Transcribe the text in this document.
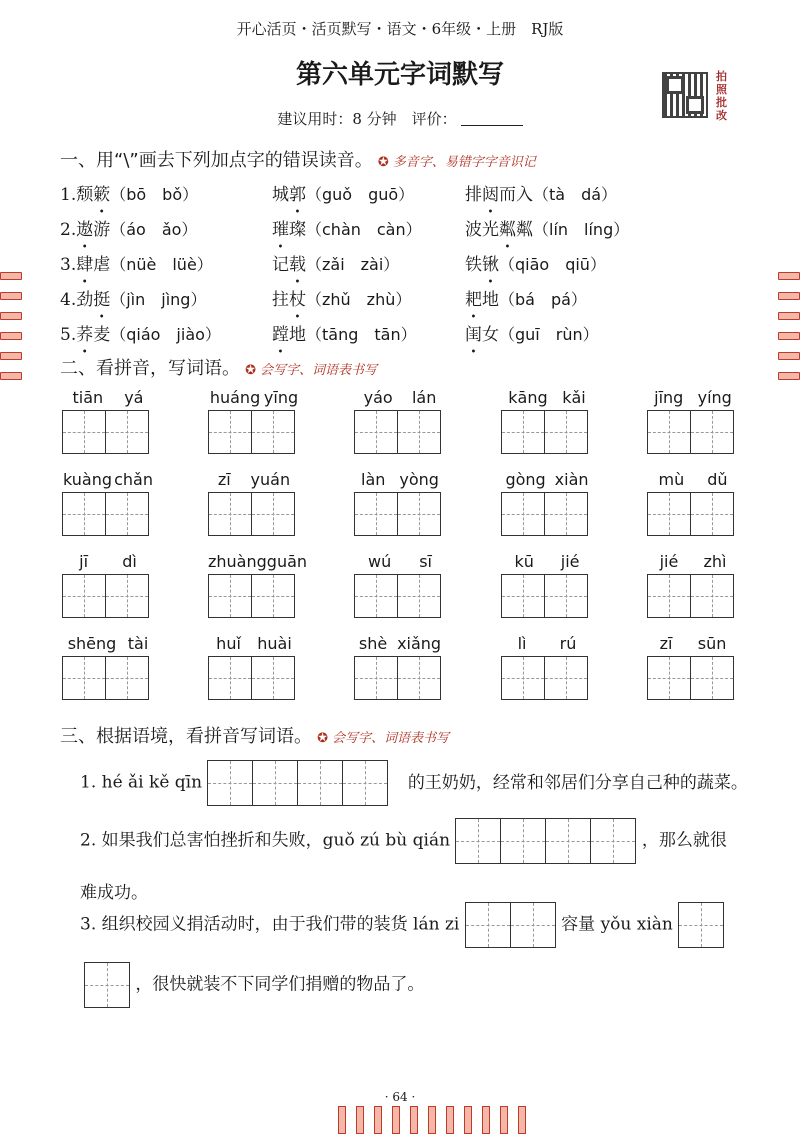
开心活页・活页默写・语文・6年级・上册　RJ版
第六单元字词默写
建议用时：8 分钟　评价：
拍照批改
一、用“\”画去下列加点字的错误读音。 ✪ 多音字、易错字字音识记
1.颓簌（bō　bǒ）	城郭（guǒ　guō）	排闼而入（tà　dá）
2.遨游（áo　ǎo）	璀璨（chàn　càn）	波光粼粼（lín　líng）
3.肆虐（nüè　lüè）	记载（zǎi　zài）	铁锹（qiāo　qiū）
4.劲挺（jìn　jìng）	拄杖（zhǔ　zhù）	耙地（bá　pá）
5.荞麦（qiáo　jiào）	蹚地（tāng　tān）	闺女（guī　rùn）
二、看拼音，写词语。 ✪ 会写字、词语表书写
tiān yá	huáng yīng	yáo lán	kāng kǎi	jīng yíng
kuàng chǎn	zī yuán	làn yòng	gòng xiàn	mù dǔ
jī dì	zhuàng guān	wú sī	kū jié	jié zhì
shēng tài	huǐ huài	shè xiǎng	lì rú	zī sūn
三、根据语境，看拼音写词语。 ✪ 会写字、词语表书写
1. hé ǎi kě qīn	的王奶奶，经常和邻居们分享自己种的蔬菜。
2. 如果我们总害怕挫折和失败，guǒ zú bù qián	，那么就很
难成功。
3. 组织校园义捐活动时，由于我们带的装货 lán zi	容量 yǒu xiàn
，很快就装不下同学们捐赠的物品了。
· 64 ·
